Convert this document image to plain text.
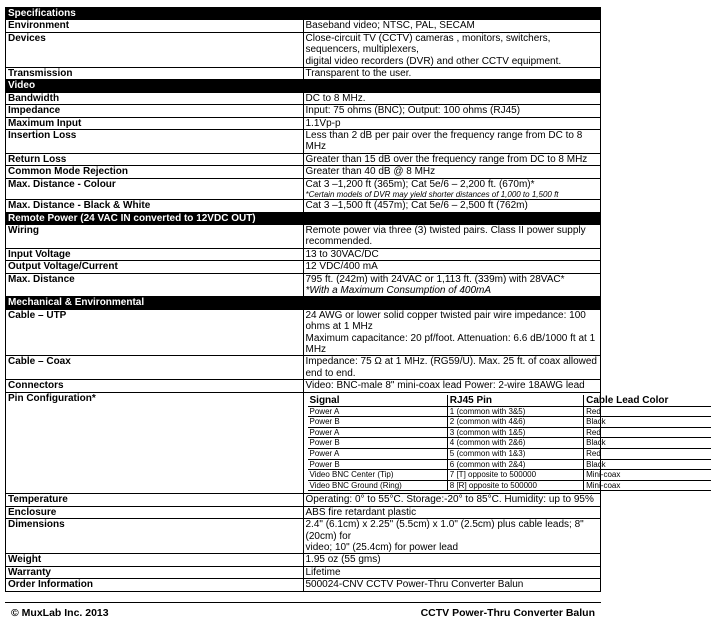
Specifications
Environment	Baseband video; NTSC, PAL, SECAM

Devices	Close-circuit TV (CCTV) cameras , monitors, switchers, sequencers, multiplexers,
digital video recorders (DVR) and other CCTV equipment.

Transmission	Transparent to the user.

Video
Bandwidth	DC to 8 MHz.

Impedance	Input: 75 ohms (BNC); Output: 100 ohms (RJ45)

Maximum Input	1.1Vp-p

Insertion Loss	Less than 2 dB per pair over the frequency range from DC to 8 MHz

Return Loss	Greater than 15 dB over the frequency range from DC to 8 MHz

Common Mode Rejection	Greater than 40 dB @ 8 MHz

Max. Distance - Colour	Cat 3 –1,200 ft (365m); Cat 5e/6 – 2,200 ft. (670m)*
*Certain models of DVR may yield shorter distances of 1,000 to 1,500 ft

Max. Distance - Black & White	Cat 3 –1,500 ft (457m); Cat 5e/6 – 2,500 ft (762m)

Remote Power (24 VAC IN converted to 12VDC OUT)
Wiring	Remote power via three (3) twisted pairs. Class II power supply recommended.

Input Voltage	13 to 30VAC/DC

Output Voltage/Current	12 VDC/400 mA

Max. Distance	795 ft. (242m) with 24VAC or 1,113 ft. (339m) with 28VAC*
*With a Maximum Consumption of 400mA

Mechanical & Environmental
Cable – UTP	24 AWG or lower solid copper twisted pair wire impedance: 100 ohms at 1 MHz
Maximum capacitance: 20 pf/foot. Attenuation: 6.6 dB/1000 ft at 1 MHz

Cable – Coax	Impedance: 75 Ω at 1 MHz. (RG59/U). Max. 25 ft. of coax allowed end to end.

Connectors	Video: BNC-male 8" mini-coax lead Power: 2-wire 18AWG lead

Pin Configuration*		Signal	RJ45 Pin	Cable Lead Color
Power A	1 (common with 3&5)	Red
Power B	2 (common with 4&6)	Black
Power A	3 (common with 1&5)	Red
Power B	4 (common with 2&6)	Black
Power A	5 (common with 1&3)	Red
Power B	6 (common with 2&4)	Black
Video BNC Center (Tip)	7 [T] opposite to 500000	Mini-coax
Video BNC Ground (Ring)	8 [R] opposite to 500000	Mini-coax

Temperature	Operating: 0° to 55°C. Storage:-20° to 85°C. Humidity: up to 95%

Enclosure	ABS fire retardant plastic

Dimensions	2.4" (6.1cm) x 2.25" (5.5cm) x 1.0" (2.5cm) plus cable leads; 8" (20cm) for
video; 10" (25.4cm) for power lead

Weight	1.95 oz (55 gms)

Warranty	Lifetime

Order Information	500024-CNV CCTV Power-Thru Converter Balun
© MuxLab Inc. 2013	CCTV Power-Thru Converter Balun
